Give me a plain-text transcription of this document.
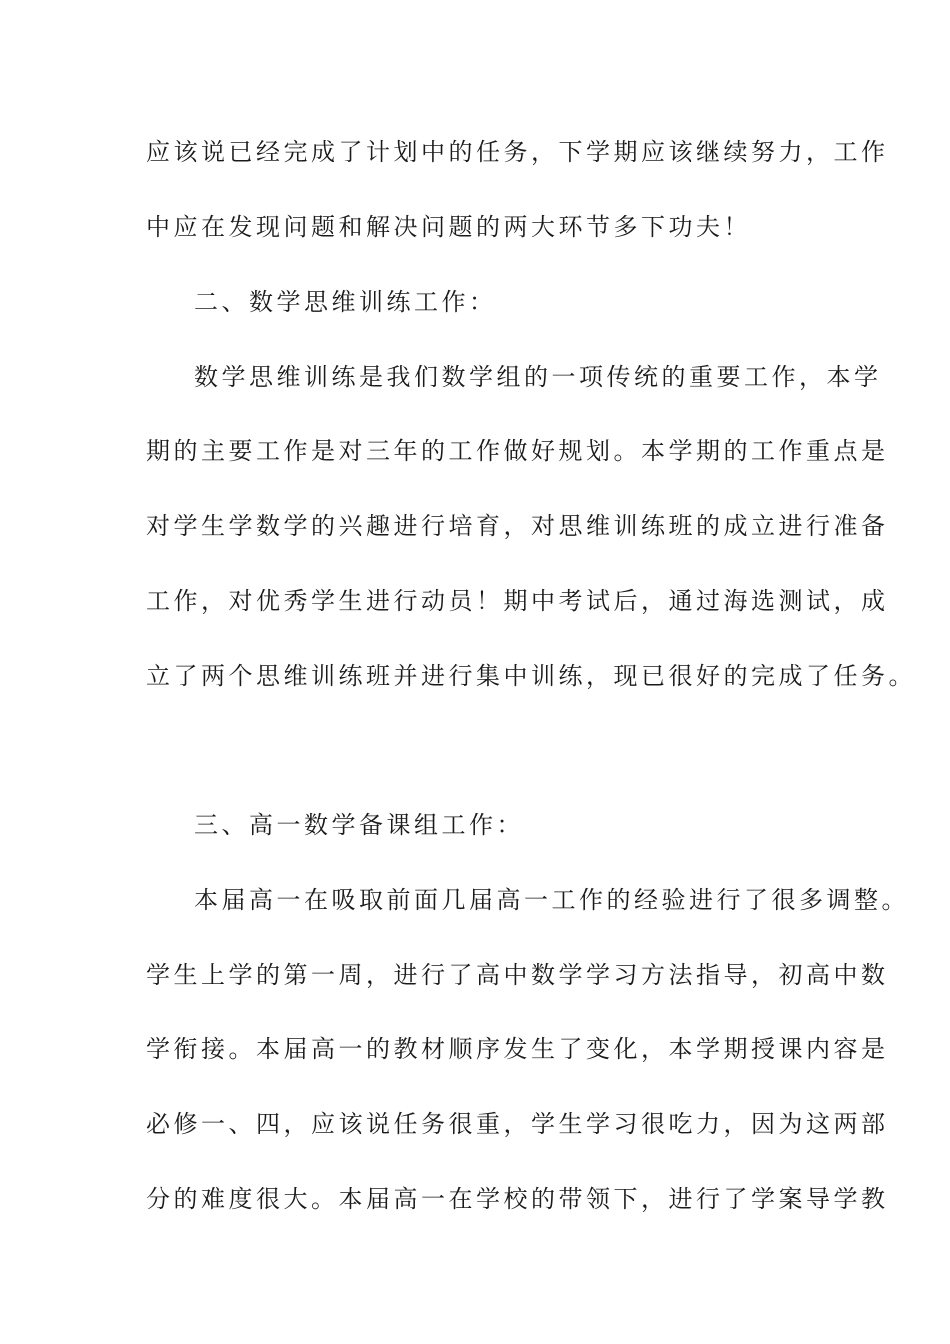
应该说已经完成了计划中的任务，下学期应该继续努力，工作
中应在发现问题和解决问题的两大环节多下功夫！
二、数学思维训练工作：
数学思维训练是我们数学组的一项传统的重要工作，本学
期的主要工作是对三年的工作做好规划。本学期的工作重点是
对学生学数学的兴趣进行培育，对思维训练班的成立进行准备
工作，对优秀学生进行动员！期中考试后，通过海选测试，成
立了两个思维训练班并进行集中训练，现已很好的完成了任务。
三、高一数学备课组工作：
本届高一在吸取前面几届高一工作的经验进行了很多调整。
学生上学的第一周，进行了高中数学学习方法指导，初高中数
学衔接。本届高一的教材顺序发生了变化，本学期授课内容是
必修一、四，应该说任务很重，学生学习很吃力，因为这两部
分的难度很大。本届高一在学校的带领下，进行了学案导学教
